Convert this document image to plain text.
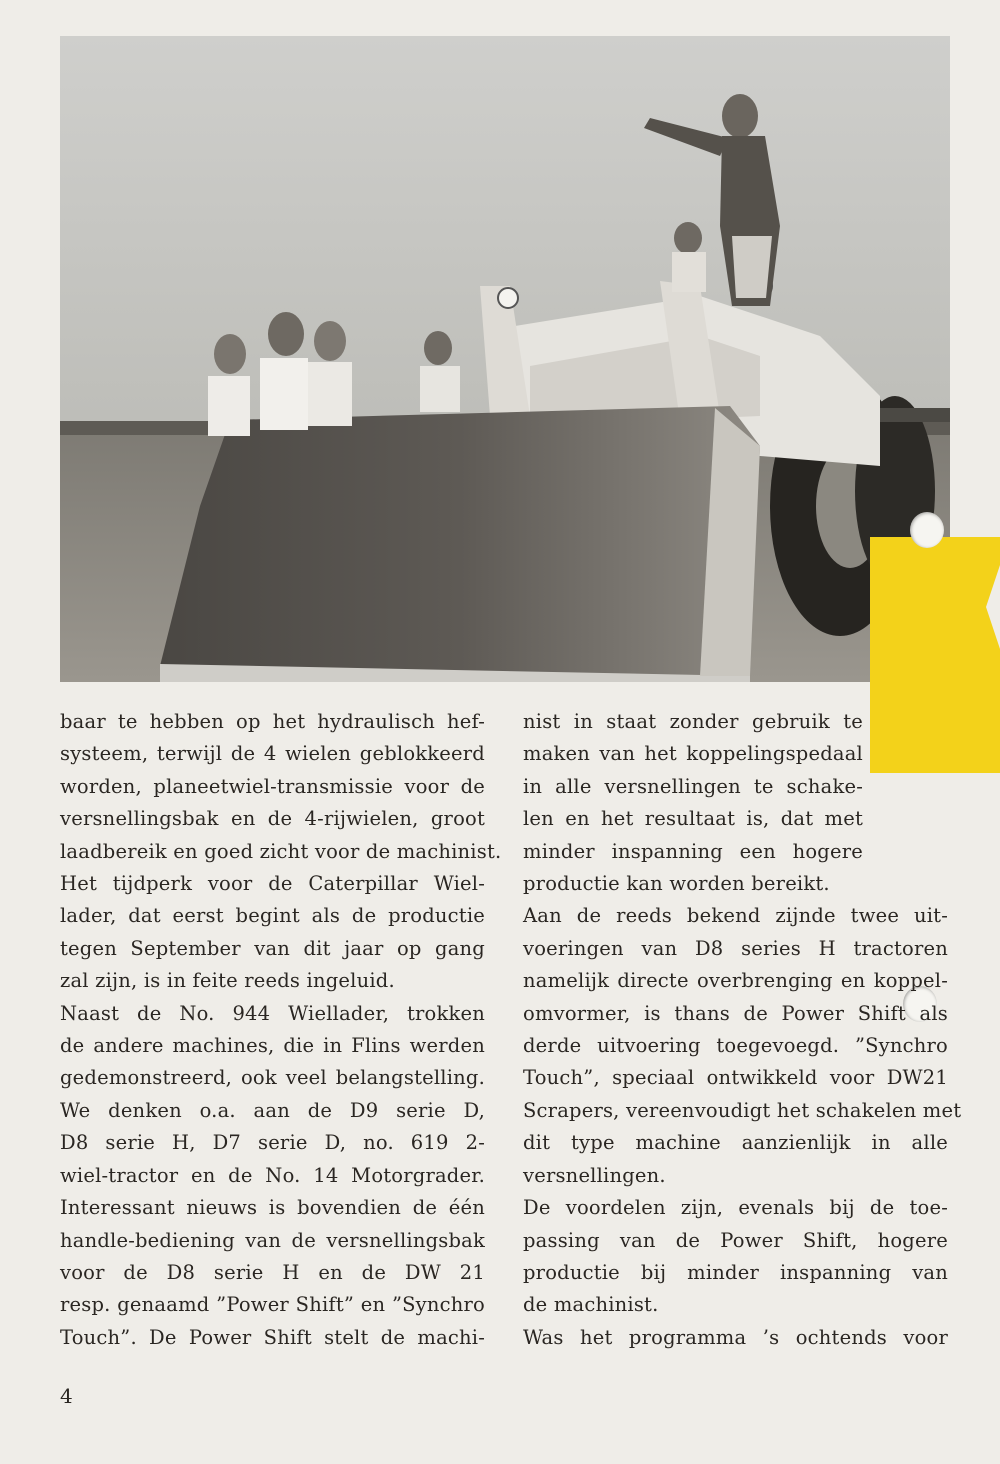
baar te hebben op het hydraulisch hef-
systeem, terwijl de 4 wielen geblokkeerd
worden, planeetwiel-transmissie voor de
versnellingsbak en de 4-rijwielen, groot
laadbereik en goed zicht voor de machinist.
Het tijdperk voor de Caterpillar Wiel-
lader, dat eerst begint als de productie
tegen September van dit jaar op gang
zal zijn, is in feite reeds ingeluid.
Naast de No. 944 Wiellader, trokken
de andere machines, die in Flins werden
gedemonstreerd, ook veel belangstelling.
We denken o.a. aan de D9 serie D,
D8 serie H, D7 serie D, no. 619 2-
wiel-tractor en de No. 14 Motorgrader.
Interessant nieuws is bovendien de één
handle-bediening van de versnellingsbak
voor de D8 serie H en de DW 21
resp. genaamd ”Power Shift” en ”Synchro
Touch”. De Power Shift stelt de machi-
nist in staat zonder gebruik te
maken van het koppelingspedaal
in alle versnellingen te schake-
len en het resultaat is, dat met
minder inspanning een hogere
productie kan worden bereikt.
Aan de reeds bekend zijnde twee uit-
voeringen van D8 series H tractoren
namelijk directe overbrenging en koppel-
omvormer, is thans de Power Shift als
derde uitvoering toegevoegd. ”Synchro
Touch”, speciaal ontwikkeld voor DW21
Scrapers, vereenvoudigt het schakelen met
dit type machine aanzienlijk in alle
versnellingen.
De voordelen zijn, evenals bij de toe-
passing van de Power Shift, hogere
productie bij minder inspanning van
de machinist.
Was het programma ’s ochtends voor
4
